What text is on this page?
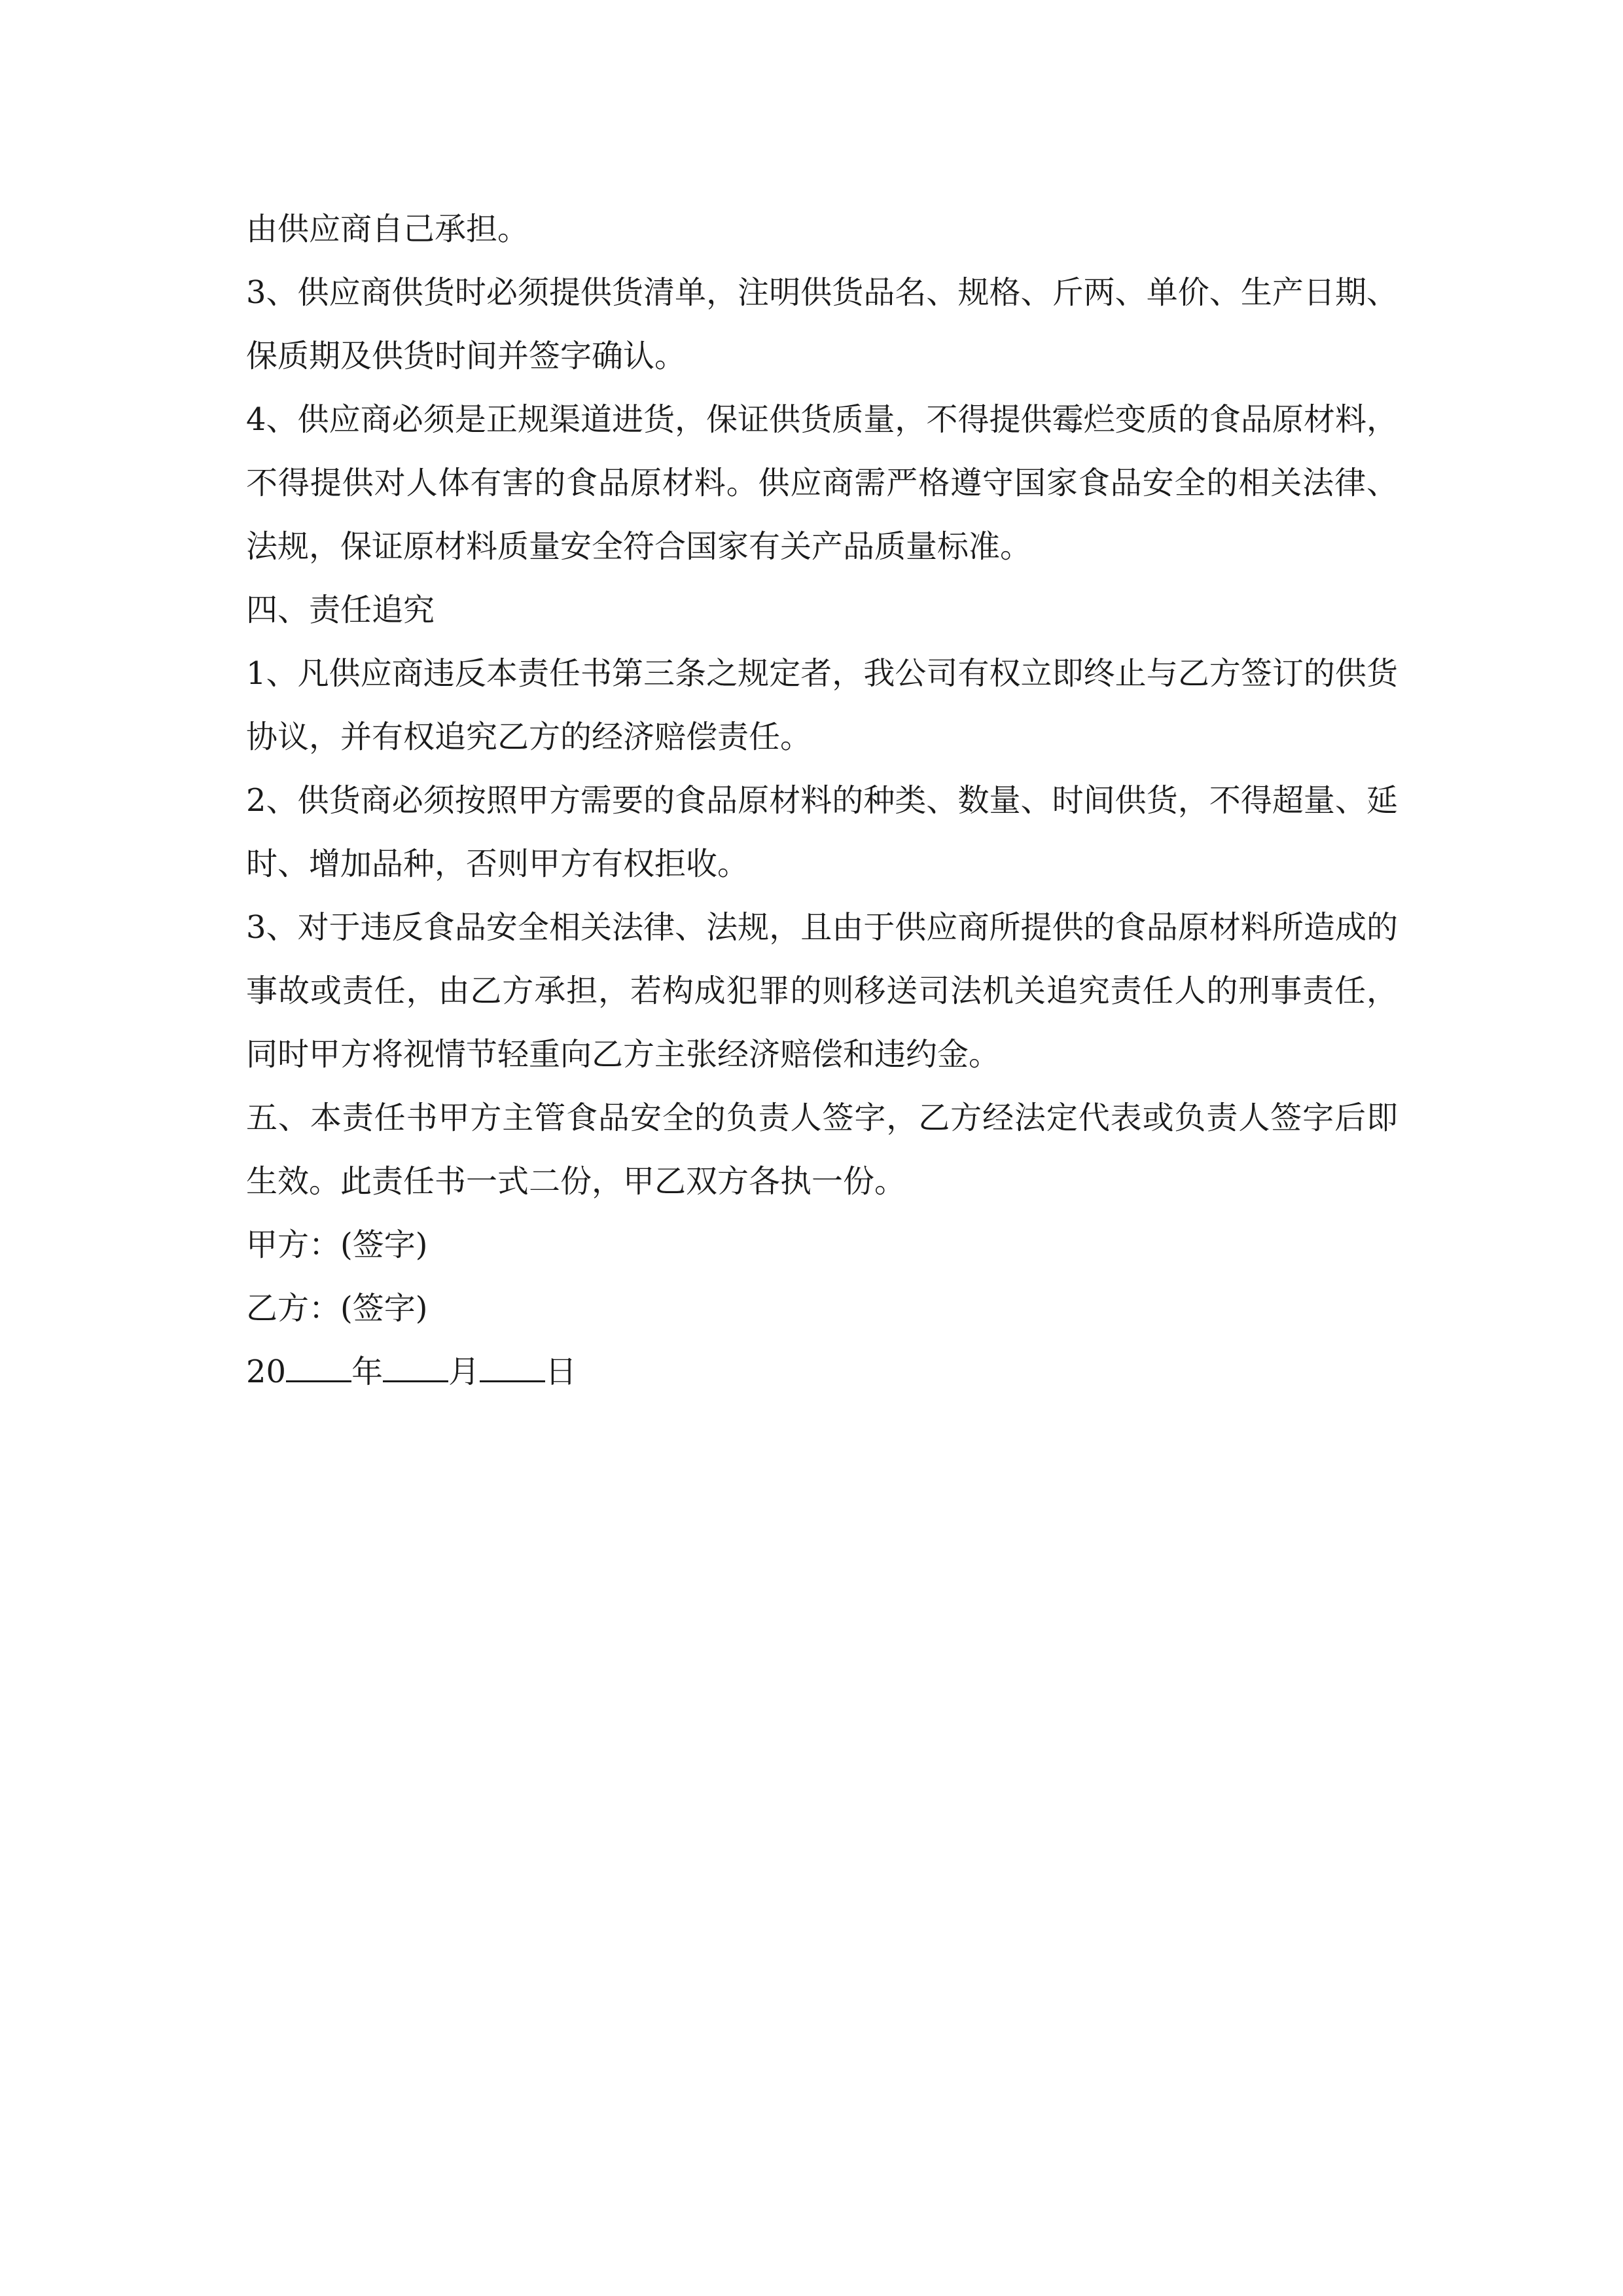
由供应商自己承担。

3、供应商供货时必须提供货清单，注明供货品名、规格、斤两、单价、生产日期、保质期及供货时间并签字确认。

4、供应商必须是正规渠道进货，保证供货质量，不得提供霉烂变质的食品原材料，不得提供对人体有害的食品原材料。供应商需严格遵守国家食品安全的相关法律、法规，保证原材料质量安全符合国家有关产品质量标准。

四、责任追究

1、凡供应商违反本责任书第三条之规定者，我公司有权立即终止与乙方签订的供货协议，并有权追究乙方的经济赔偿责任。

2、供货商必须按照甲方需要的食品原材料的种类、数量、时间供货，不得超量、延时、增加品种，否则甲方有权拒收。

3、对于违反食品安全相关法律、法规，且由于供应商所提供的食品原材料所造成的事故或责任，由乙方承担，若构成犯罪的则移送司法机关追究责任人的刑事责任，同时甲方将视情节轻重向乙方主张经济赔偿和违约金。

五、本责任书甲方主管食品安全的负责人签字，乙方经法定代表或负责人签字后即生效。此责任书一式二份，甲乙双方各执一份。

甲方：(签字)

乙方：(签字)

20 年 月 日
